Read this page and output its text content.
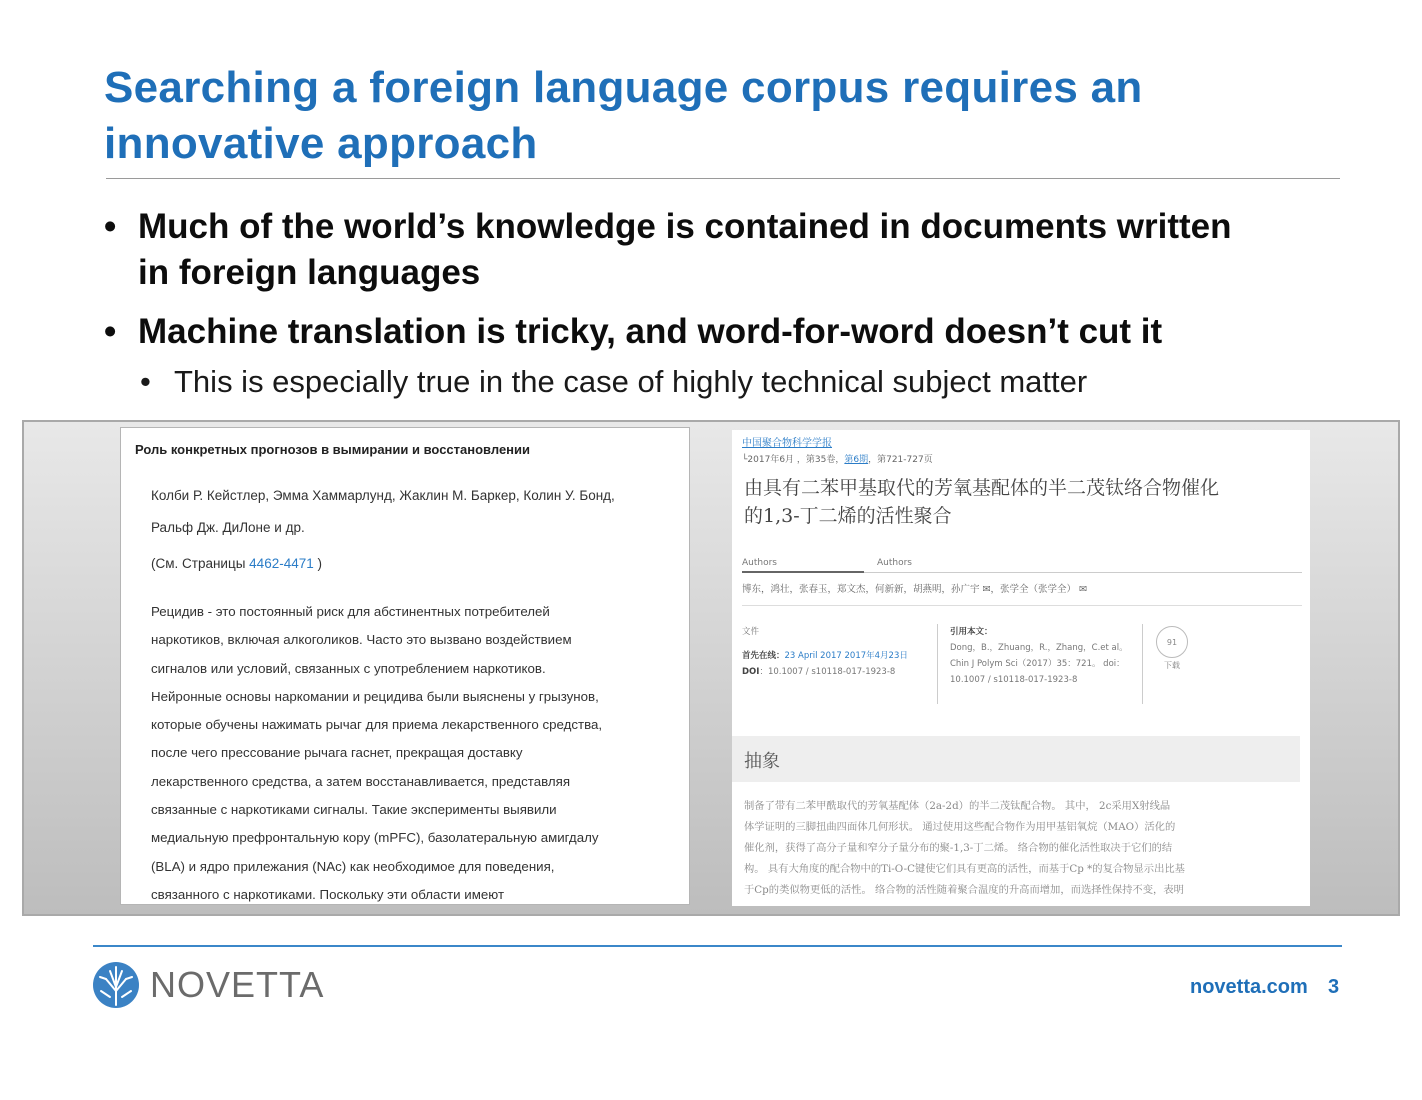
Searching a foreign language corpus requires an innovative approach
• Much of the world’s knowledge is contained in documents written in foreign languages
• Machine translation is tricky, and word-for-word doesn’t cut it
• This is especially true in the case of highly technical subject matter
Роль конкретных прогнозов в вымирании и восстановлении
Колби Р. Кейстлер, Эмма Хаммарлунд, Жаклин М. Баркер, Колин У. Бонд,
Ральф Дж. ДиЛоне и др.
(См. Страницы 4462-4471 )
Рецидив - это постоянный риск для абстинентных потребителей
наркотиков, включая алкоголиков. Часто это вызвано воздействием
сигналов или условий, связанных с употреблением наркотиков.
Нейронные основы наркомании и рецидива были выяснены у грызунов,
которые обучены нажимать рычаг для приема лекарственного средства,
после чего прессование рычага гаснет, прекращая доставку
лекарственного средства, а затем восстанавливается, представляя
связанные с наркотиками сигналы. Такие эксперименты выявили
медиальную префронтальную кору (mPFC), базолатеральную амигдалу
(BLA) и ядро прилежания (NAc) как необходимое для поведения,
связанного с наркотиками. Поскольку эти области имеют
中国聚合物科学学报
└2017年6月 ，第35卷，第6期，第721-727页
由具有二苯甲基取代的芳氧基配体的半二茂钛络合物催化
的1,3-丁二烯的活性聚合
Authors	Authors
博东，鸿壮，张春玉，郑文杰，何新新，胡燕明，孙广宇 ✉，张学全（张学全） ✉
文件
首先在线：23 April 2017 2017年4月23日
DOI：10.1007 / s10118-017-1923-8
引用本文：
Dong，B.，Zhuang，R.，Zhang，C.et al。 Chin J Polym Sci（2017）35：721。 doi：10.1007 / s10118-017-1923-8
91
下载
抽象
制备了带有二苯甲酰取代的芳氧基配体（2a-2d）的半二茂钛配合物。 其中， 2c采用X射线晶
体学证明的三脚扭曲四面体几何形状。 通过使用这些配合物作为用甲基铝氧烷（MAO）活化的
催化剂，获得了高分子量和窄分子量分布的聚-1,3-丁二烯。 络合物的催化活性取决于它们的结
构。 具有大角度的配合物中的Ti-O-C键使它们具有更高的活性，而基于Cp *的复合物显示出比基
于Cp的类似物更低的活性。 络合物的活性随着聚合温度的升高而增加，而选择性保持不变，表明
NOVETTA	novetta.com 3
